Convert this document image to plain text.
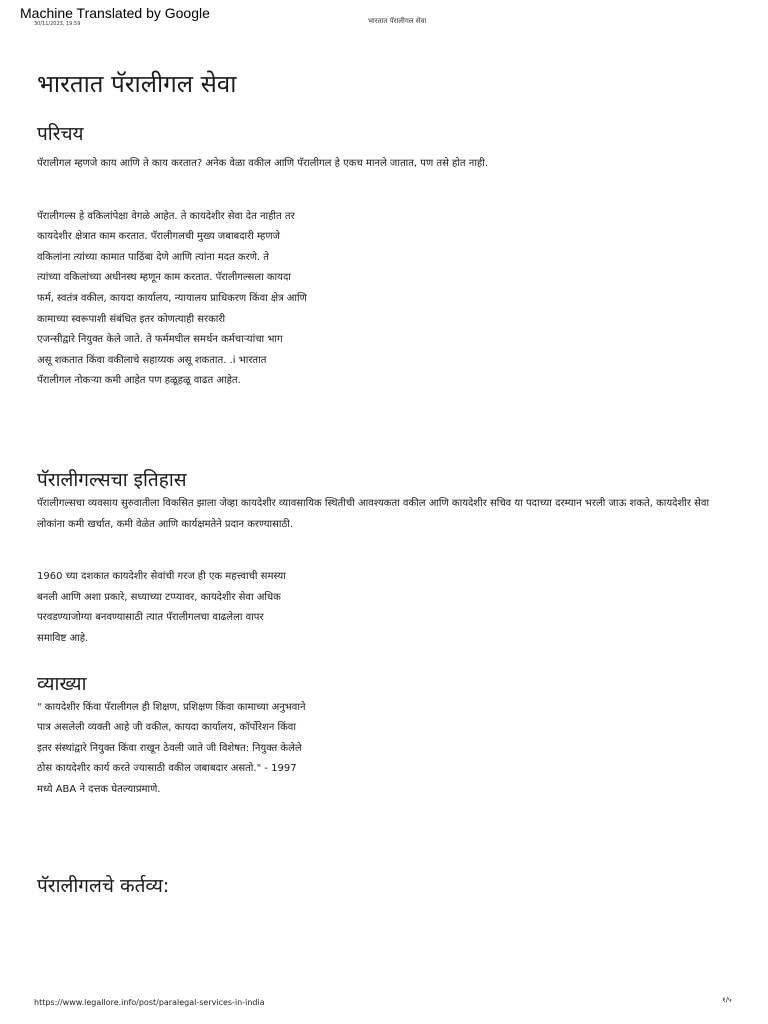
Machine Translated by Google
30/11/2023, 19:59	भारतात पॅरालीगल सेवा
भारतात पॅरालीगल सेवा
परिचय

पॅरालीगल म्हणजे काय आणि ते काय करतात? अनेक वेळा वकील आणि पॅरालीगल हे एकच मानले जातात, पण तसे होत नाही.

पॅरालीगल्स हे वकिलांपेक्षा वेगळे आहेत. ते कायदेशीर सेवा देत नाहीत तर

कायदेशीर क्षेत्रात काम करतात. पॅरालीगलची मुख्य जबाबदारी म्हणजे

वकिलांना त्यांच्या कामात पाठिंबा देणे आणि त्यांना मदत करणे. ते

त्यांच्या वकिलांच्या अधीनस्थ म्हणून काम करतात. पॅरालीगल्सला कायदा

फर्म, स्वतंत्र वकील, कायदा कार्यालय, न्यायालय प्राधिकरण किंवा क्षेत्र आणि

कामाच्या स्वरूपाशी संबंधित इतर कोणत्याही सरकारी

एजन्सीद्वारे नियुक्त केले जाते. ते फर्ममधील समर्थन कर्मचाऱ्यांचा भाग

असू शकतात किंवा वकीलाचे सहाय्यक असू शकतात. .i भारतात

पॅरालीगल नोकऱ्या कमी आहेत पण हळूहळू वाढत आहेत.

पॅरालीगल्सचा इतिहास

पॅरालीगल्सचा व्यवसाय सुरुवातीला विकसित झाला जेव्हा कायदेशीर व्यावसायिक स्थितीची आवश्यकता वकील आणि कायदेशीर सचिव या पदाच्या दरम्यान भरली जाऊ शकते, कायदेशीर सेवा लोकांना कमी खर्चात, कमी वेळेत आणि कार्यक्षमतेने प्रदान करण्यासाठी.

1960 च्या दशकात कायदेशीर सेवांची गरज ही एक महत्त्वाची समस्या

बनली आणि अशा प्रकारे, सध्याच्या टप्प्यावर, कायदेशीर सेवा अधिक

परवडण्याजोग्या बनवण्यासाठी त्यात पॅरालीगलचा वाढलेला वापर

समाविष्ट आहे.

व्याख्या

" कायदेशीर किंवा पॅरालीगल ही शिक्षण, प्रशिक्षण किंवा कामाच्या अनुभवाने

पात्र असलेली व्यक्ती आहे जी वकील, कायदा कार्यालय, कॉर्पोरेशन किंवा

इतर संस्थांद्वारे नियुक्त किंवा राखून ठेवली जाते जी विशेषत: नियुक्त केलेले

ठोस कायदेशीर कार्य करते ज्यासाठी वकील जबाबदार असतो." - 1997

मध्ये ABA ने दत्तक घेतल्याप्रमाणे.

पॅरालीगलचे कर्तव्य:
https://www.legallore.info/post/paralegal-services-in-india	१/५
